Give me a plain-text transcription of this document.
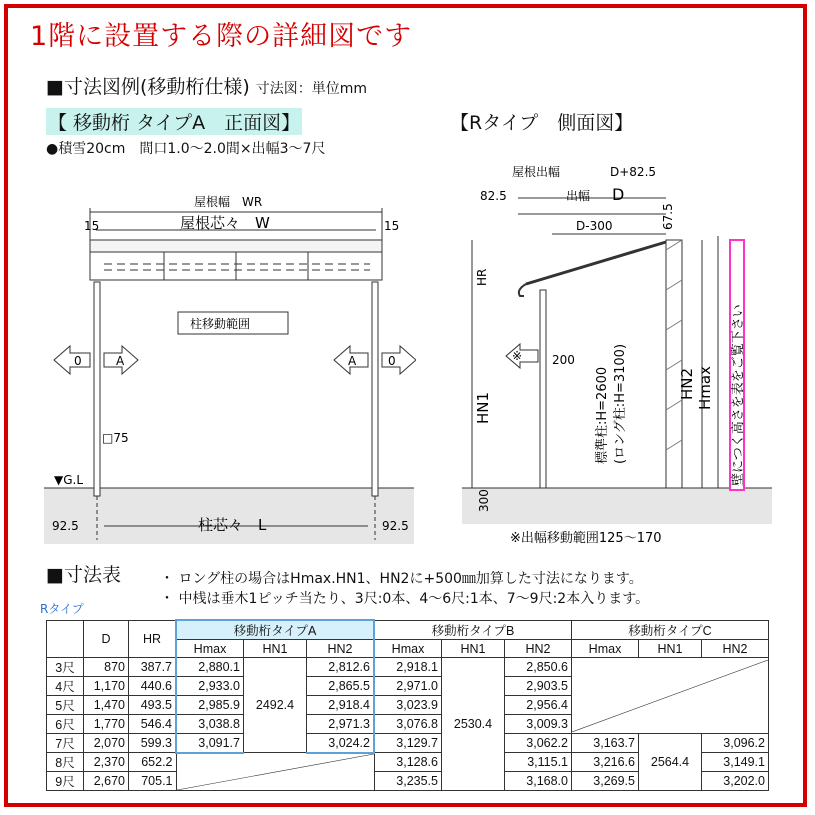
1階に設置する際の詳細図です
■寸法図例(移動桁仕様) 寸法図：単位mm
【 移動桁 タイプA　正面図】	【Rタイプ　側面図】
●積雪20cm　間口1.0～2.0間×出幅3～7尺
15	15
屋根幅　WR
屋根芯々　W
柱移動範囲
0	A	A	0
□75
▼G.L
92.5	92.5
柱芯々　L
屋根出幅	D+82.5
82.5	出幅 D
D-300	67.5
HR
HN1
HN2 Hmax
※ 200
標準柱:H=2600 (ロング柱:H=3100)	壁につく高さを表をご覧下さい
300
※出幅移動範囲125～170
■寸法表	・ ロング柱の場合はHmax.HN1、HN2に+500㎜加算した寸法になります。
・ 中桟は垂木1ピッチ当たり、3尺:0本、4～6尺:1本、7～9尺:2本入ります。
Rタイプ
	D	HR	移動桁タイプA			移動桁タイプB			移動桁タイプC		
			Hmax	HN1	HN2	Hmax	HN1	HN2	Hmax	HN1	HN2
3尺	870	387.7	2,880.1	2492.4	2,812.6	2,918.1	2530.4	2,850.6	

4尺	1,170	440.6	2,933.0		2,865.5	2,971.0		2,903.5			
5尺	1,470	493.5	2,985.9		2,918.4	3,023.9		2,956.4			
6尺	1,770	546.4	3,038.8		2,971.3	3,076.8		3,009.3			
7尺	2,070	599.3	3,091.7		3,024.2	3,129.7		3,062.2	3,163.7	2564.4	3,096.2
8尺	2,370	652.2				3,128.6		3,115.1	3,216.6		3,149.1
9尺	2,670	705.1				3,235.5		3,168.0	3,269.5		3,202.0
